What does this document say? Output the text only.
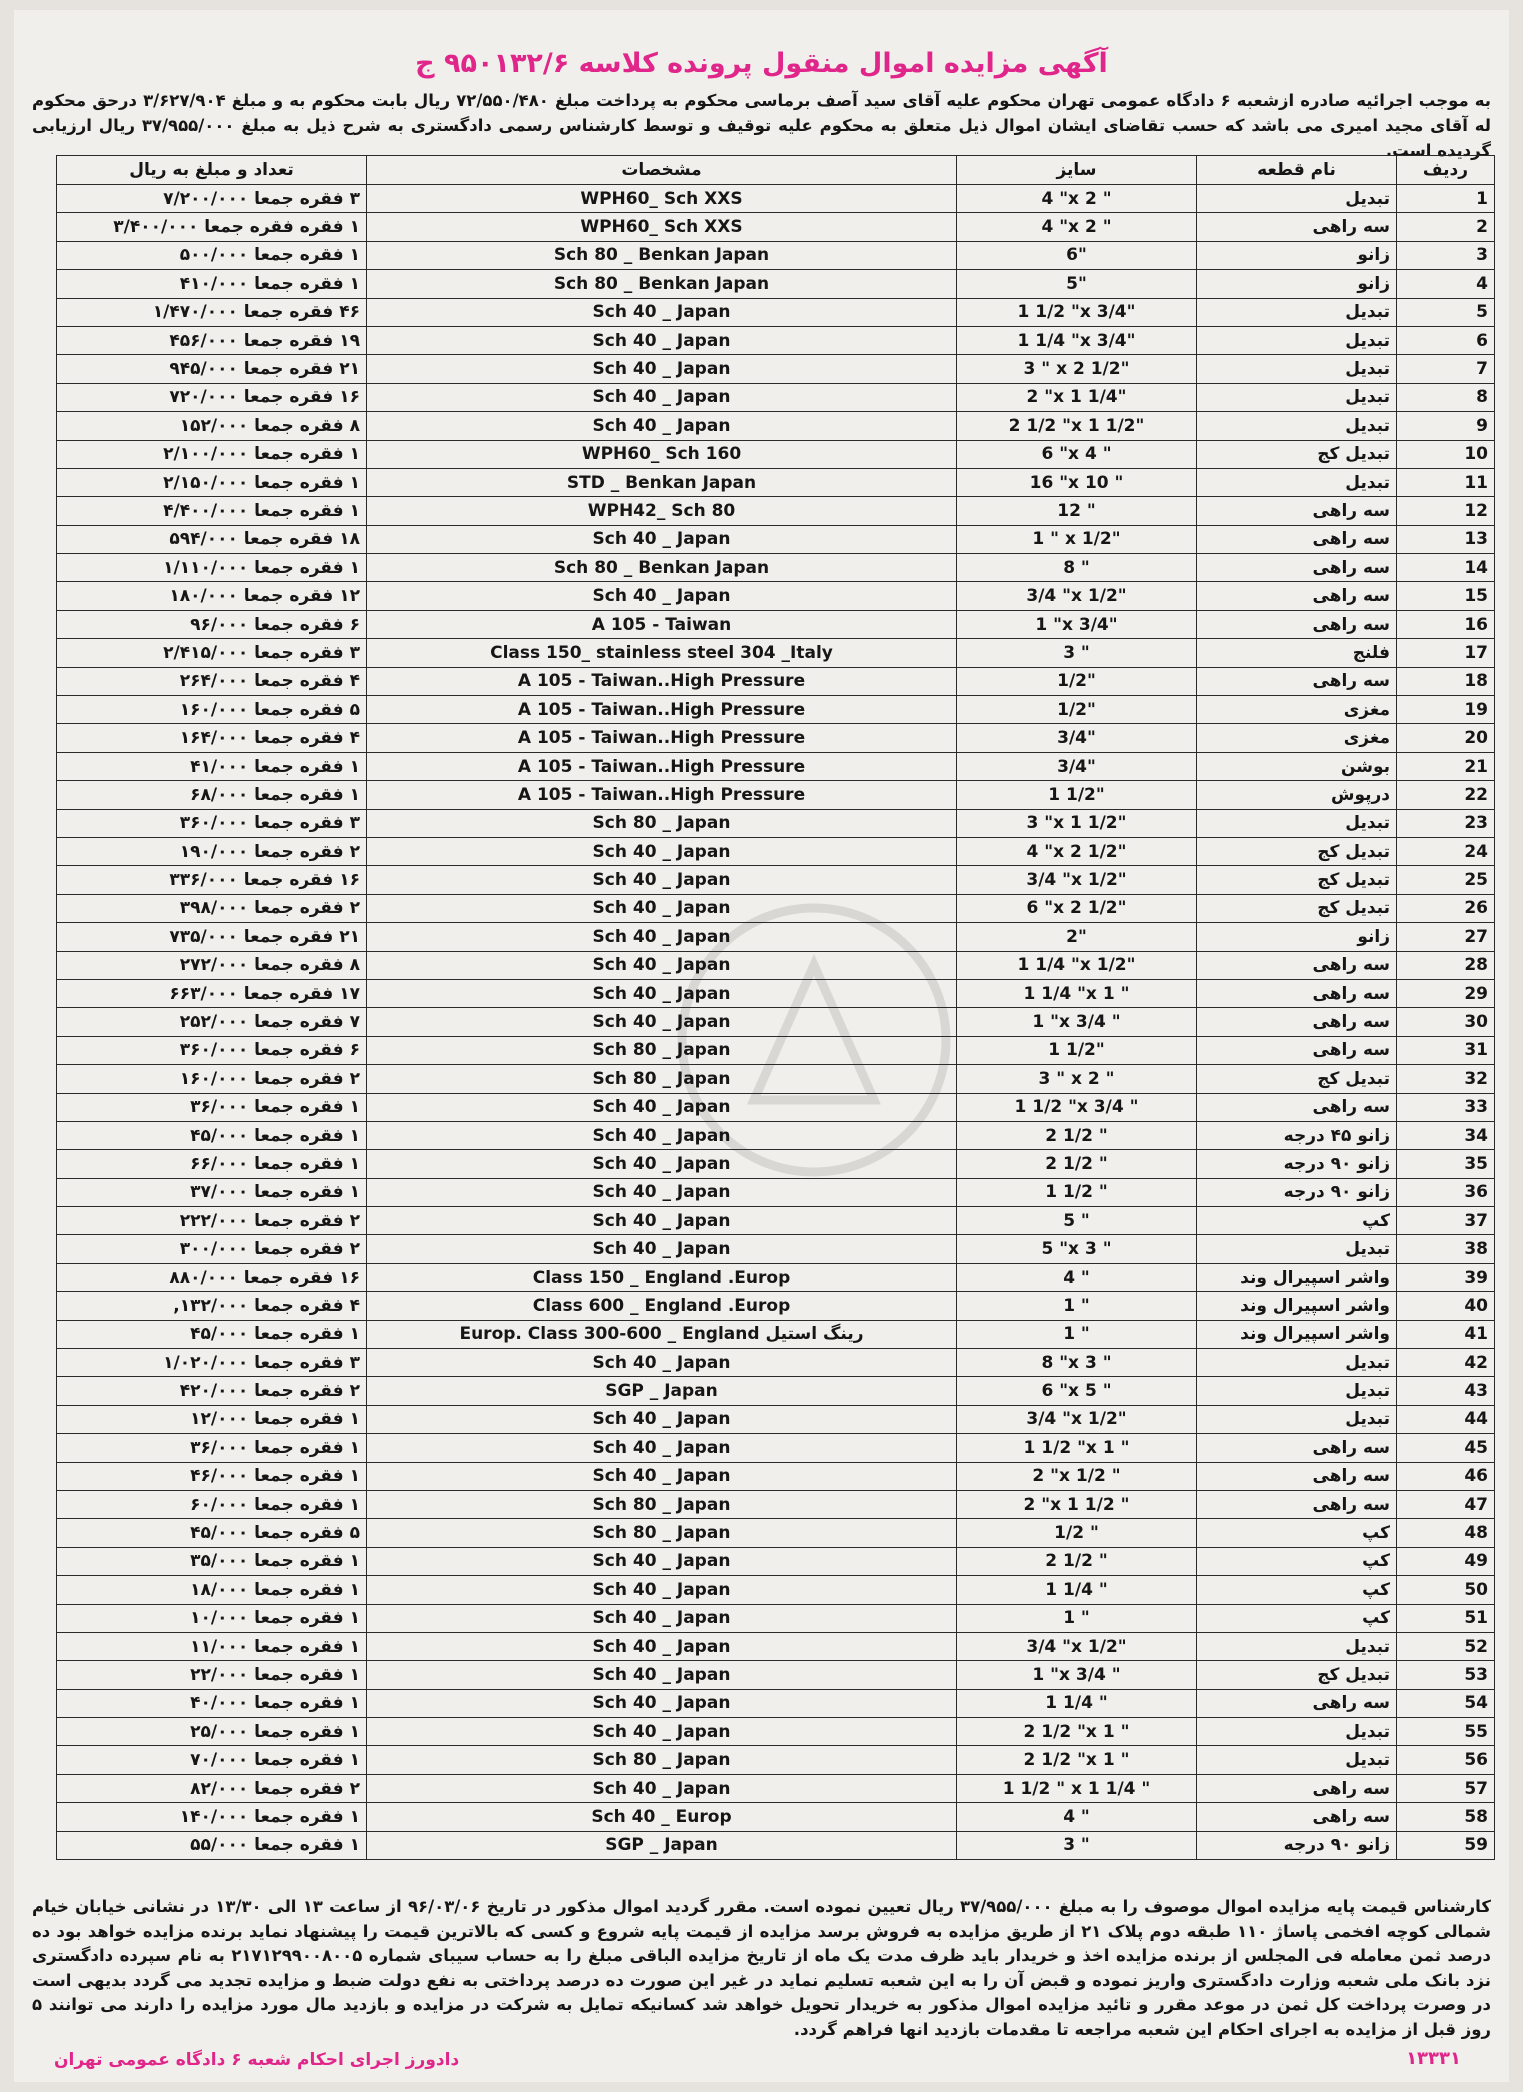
آگهی مزایده اموال منقول پرونده کلاسه ۹۵۰۱۳۲/۶ ج
به موجب اجرائیه صادره ازشعبه ۶ دادگاه عمومی تهران محکوم علیه آقای سید آصف برماسی محکوم به پرداخت مبلغ ۷۲/۵۵۰/۴۸۰ ریال بابت محکوم به و مبلغ ۳/۶۲۷/۹۰۴ درحق محکوم له آقای مجید امیری می باشد که حسب تقاضای ایشان اموال ذیل متعلق به محکوم علیه توقیف و توسط کارشناس رسمی دادگستری به شرح ذیل به مبلغ ۳۷/۹۵۵/۰۰۰ ریال ارزیابی گردیده است.
ردیف	نام قطعه	سایز	مشخصات	تعداد و مبلغ به ریال
1	تبدیل	4 "x 2 "	WPH60_ Sch XXS	۳ فقره جمعا ۷/۲۰۰/۰۰۰
2	سه راهی	4 "x 2 "	WPH60_ Sch XXS	۱ فقره فقره جمعا ۳/۴۰۰/۰۰۰
3	زانو	6"	Sch 80 _ Benkan Japan	۱ فقره جمعا ۵۰۰/۰۰۰
4	زانو	5"	Sch 80 _ Benkan Japan	۱ فقره جمعا ۴۱۰/۰۰۰
5	تبدیل	1 1/2 "x 3/4"	Sch 40 _ Japan	۴۶ فقره جمعا ۱/۴۷۰/۰۰۰
6	تبدیل	1 1/4 "x 3/4"	Sch 40 _ Japan	۱۹ فقره جمعا ۴۵۶/۰۰۰
7	تبدیل	3 " x 2 1/2"	Sch 40 _ Japan	۲۱ فقره جمعا ۹۴۵/۰۰۰
8	تبدیل	2 "x 1 1/4"	Sch 40 _ Japan	۱۶ فقره جمعا ۷۲۰/۰۰۰
9	تبدیل	2 1/2 "x 1 1/2"	Sch 40 _ Japan	۸ فقره جمعا ۱۵۲/۰۰۰
10	تبدیل کج	6 "x 4 "	WPH60_ Sch 160	۱ فقره جمعا ۲/۱۰۰/۰۰۰
11	تبدیل	16 "x 10 "	STD _ Benkan Japan	۱ فقره جمعا ۲/۱۵۰/۰۰۰
12	سه راهی	12 "	WPH42_ Sch 80	۱ فقره جمعا ۴/۴۰۰/۰۰۰
13	سه راهی	1 " x 1/2"	Sch 40 _ Japan	۱۸ فقره جمعا ۵۹۴/۰۰۰
14	سه راهی	8 "	Sch 80 _ Benkan Japan	۱ فقره جمعا ۱/۱۱۰/۰۰۰
15	سه راهی	3/4 "x 1/2"	Sch 40 _ Japan	۱۲ فقره جمعا ۱۸۰/۰۰۰
16	سه راهی	1 "x 3/4"	A 105 - Taiwan	۶ فقره جمعا ۹۶/۰۰۰
17	فلنج	3 "	Class 150_ stainless steel 304 _Italy	۳ فقره جمعا ۲/۴۱۵/۰۰۰
18	سه راهی	1/2"	A 105 - Taiwan..High Pressure	۴ فقره جمعا ۲۶۴/۰۰۰
19	مغزی	1/2"	A 105 - Taiwan..High Pressure	۵ فقره جمعا ۱۶۰/۰۰۰
20	مغزی	3/4"	A 105 - Taiwan..High Pressure	۴ فقره جمعا ۱۶۴/۰۰۰
21	بوشن	3/4"	A 105 - Taiwan..High Pressure	۱ فقره جمعا ۴۱/۰۰۰
22	درپوش	1 1/2"	A 105 - Taiwan..High Pressure	۱ فقره جمعا ۶۸/۰۰۰
23	تبدیل	3 "x 1 1/2"	Sch 80 _ Japan	۳ فقره جمعا ۳۶۰/۰۰۰
24	تبدیل کج	4 "x 2 1/2"	Sch 40 _ Japan	۲ فقره جمعا ۱۹۰/۰۰۰
25	تبدیل کج	3/4 "x 1/2"	Sch 40 _ Japan	۱۶ فقره جمعا ۳۳۶/۰۰۰
26	تبدیل کج	6 "x 2 1/2"	Sch 40 _ Japan	۲ فقره جمعا ۳۹۸/۰۰۰
27	زانو	2"	Sch 40 _ Japan	۲۱ فقره جمعا ۷۳۵/۰۰۰
28	سه راهی	1 1/4 "x 1/2"	Sch 40 _ Japan	۸ فقره جمعا ۲۷۲/۰۰۰
29	سه راهی	1 1/4 "x 1 "	Sch 40 _ Japan	۱۷ فقره جمعا ۶۶۳/۰۰۰
30	سه راهی	1 "x 3/4 "	Sch 40 _ Japan	۷ فقره جمعا ۲۵۲/۰۰۰
31	سه راهی	1 1/2"	Sch 80 _ Japan	۶ فقره جمعا ۳۶۰/۰۰۰
32	تبدیل کج	3 " x 2 "	Sch 80 _ Japan	۲ فقره جمعا ۱۶۰/۰۰۰
33	سه راهی	1 1/2 "x 3/4 "	Sch 40 _ Japan	۱ فقره جمعا ۳۶/۰۰۰
34	زانو ۴۵ درجه	2 1/2 "	Sch 40 _ Japan	۱ فقره جمعا ۴۵/۰۰۰
35	زانو ۹۰ درجه	2 1/2 "	Sch 40 _ Japan	۱ فقره جمعا ۶۶/۰۰۰
36	زانو ۹۰ درجه	1 1/2 "	Sch 40 _ Japan	۱ فقره جمعا ۳۷/۰۰۰
37	کپ	5 "	Sch 40 _ Japan	۲ فقره جمعا ۲۲۲/۰۰۰
38	تبدیل	5 "x 3 "	Sch 40 _ Japan	۲ فقره جمعا ۳۰۰/۰۰۰
39	واشر اسپیرال وند	4 "	Class 150 _ England .Europ	۱۶ فقره جمعا ۸۸۰/۰۰۰
40	واشر اسپیرال وند	1 "	Class 600 _ England .Europ	۴ فقره جمعا ۱۳۲/۰۰۰,
41	واشر اسپیرال وند	1 "	Europ. Class 300-600 _ England رینگ استیل	۱ فقره جمعا ۴۵/۰۰۰
42	تبدیل	8 "x 3 "	Sch 40 _ Japan	۳ فقره جمعا ۱/۰۲۰/۰۰۰
43	تبدیل	6 "x 5 "	SGP _ Japan	۲ فقره جمعا ۴۲۰/۰۰۰
44	تبدیل	3/4 "x 1/2"	Sch 40 _ Japan	۱ فقره جمعا ۱۲/۰۰۰
45	سه راهی	1 1/2 "x 1 "	Sch 40 _ Japan	۱ فقره جمعا ۳۶/۰۰۰
46	سه راهی	2 "x 1/2 "	Sch 40 _ Japan	۱ فقره جمعا ۴۶/۰۰۰
47	سه راهی	2 "x 1 1/2 "	Sch 80 _ Japan	۱ فقره جمعا ۶۰/۰۰۰
48	کپ	1/2 "	Sch 80 _ Japan	۵ فقره جمعا ۴۵/۰۰۰
49	کپ	2 1/2 "	Sch 40 _ Japan	۱ فقره جمعا ۳۵/۰۰۰
50	کپ	1 1/4 "	Sch 40 _ Japan	۱ فقره جمعا ۱۸/۰۰۰
51	کپ	1 "	Sch 40 _ Japan	۱ فقره جمعا ۱۰/۰۰۰
52	تبدیل	3/4 "x 1/2"	Sch 40 _ Japan	۱ فقره جمعا ۱۱/۰۰۰
53	تبدیل کج	1 "x 3/4 "	Sch 40 _ Japan	۱ فقره جمعا ۲۲/۰۰۰
54	سه راهی	1 1/4 "	Sch 40 _ Japan	۱ فقره جمعا ۴۰/۰۰۰
55	تبدیل	2 1/2 "x 1 "	Sch 40 _ Japan	۱ فقره جمعا ۲۵/۰۰۰
56	تبدیل	2 1/2 "x 1 "	Sch 80 _ Japan	۱ فقره جمعا ۷۰/۰۰۰
57	سه راهی	1 1/2 " x 1 1/4 "	Sch 40 _ Japan	۲ فقره جمعا ۸۲/۰۰۰
58	سه راهی	4 "	Sch 40 _ Europ	۱ فقره جمعا ۱۴۰/۰۰۰
59	زانو ۹۰ درجه	3 "	SGP _ Japan	۱ فقره جمعا ۵۵/۰۰۰
کارشناس قیمت پایه مزایده اموال موصوف را به مبلغ ۳۷/۹۵۵/۰۰۰ ریال تعیین نموده است. مقرر گردید اموال مذکور در تاریخ ۹۶/۰۳/۰۶ از ساعت ۱۳ الی ۱۳/۳۰ در نشانی خیابان خیام شمالی کوچه افخمی پاساژ ۱۱۰ طبقه دوم پلاک ۲۱ از طریق مزایده به فروش برسد مزایده از قیمت پایه شروع و کسی که بالاترین قیمت را پیشنهاد نماید برنده مزایده خواهد بود ده درصد ثمن معامله فی المجلس از برنده مزایده اخذ و خریدار باید ظرف مدت یک ماه از تاریخ مزایده الباقی مبلغ را به حساب سیبای شماره ۲۱۷۱۲۹۹۰۰۸۰۰۵ به نام سپرده دادگستری نزد بانک ملی شعبه وزارت دادگستری واریز نموده و قبض آن را به این شعبه تسلیم نماید در غیر این صورت ده درصد پرداختی به نفع دولت ضبط و مزایده تجدید می گردد بدیهی است در وصرت پرداخت کل ثمن در موعد مقرر و تائید مزایده اموال مذکور به خریدار تحویل خواهد شد کسانیکه تمایل به شرکت در مزایده و بازدید مال مورد مزایده را دارند می توانند ۵ روز قبل از مزایده به اجرای احکام این شعبه مراجعه تا مقدمات بازدید انها فراهم گردد.
۱۳۳۳۱
دادورز اجرای احکام شعبه ۶ دادگاه عمومی تهران
